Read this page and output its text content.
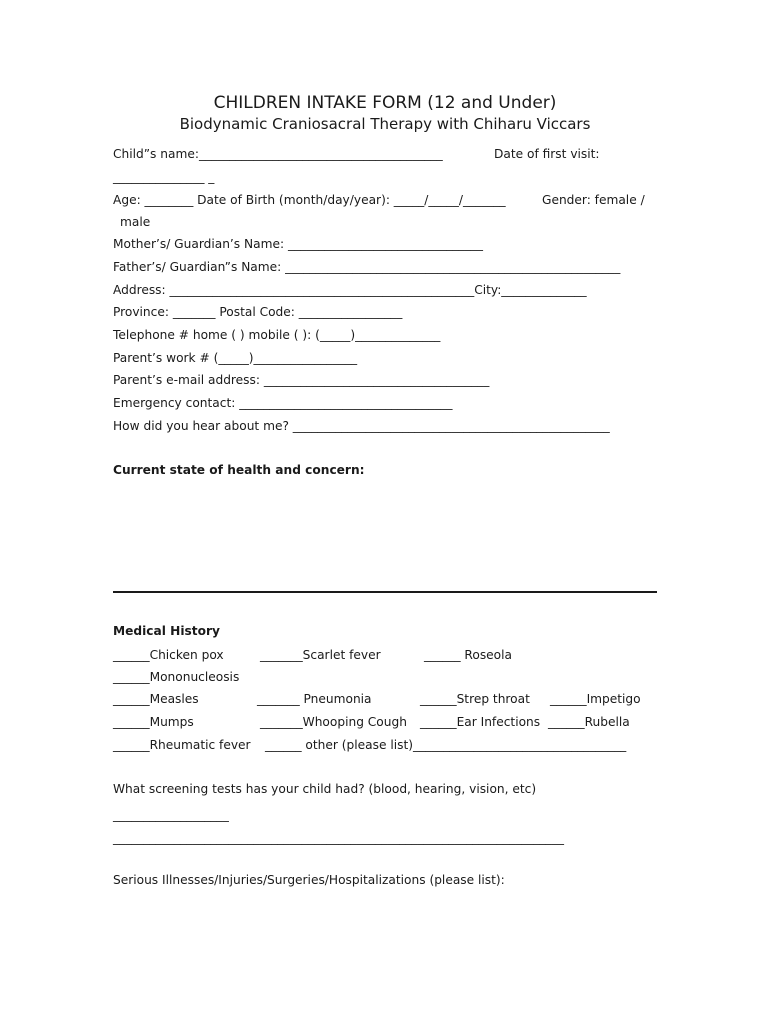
CHILDREN INTAKE FORM (12 and Under)
Biodynamic Craniosacral Therapy with Chiharu Viccars
Child”s name:________________________________________	Date of first visit:
_______________ _
Age: ________ Date of Birth (month/day/year): _____/_____/_______	Gender: female /
male
Mother’s/ Guardian’s Name: ________________________________
Father’s/ Guardian”s Name: _______________________________________________________
Address: __________________________________________________City:______________
Province: _______ Postal Code: _________________
Telephone # home ( ) mobile ( ): (_____)______________
Parent’s work # (_____)_________________
Parent’s e-mail address: _____________________________________
Emergency contact: ___________________________________
How did you hear about me? ____________________________________________________
Current state of health and concern:
Medical History
______Chicken pox	_______Scarlet fever	______ Roseola
______Mononucleosis
______Measles	_______ Pneumonia	______Strep throat ______Impetigo
______Mumps	_______Whooping Cough ______Ear Infections ______Rubella
______Rheumatic fever ______ other (please list)___________________________________
What screening tests has your child had? (blood, hearing, vision, etc)
___________________
__________________________________________________________________________
Serious Illnesses/Injuries/Surgeries/Hospitalizations (please list):
